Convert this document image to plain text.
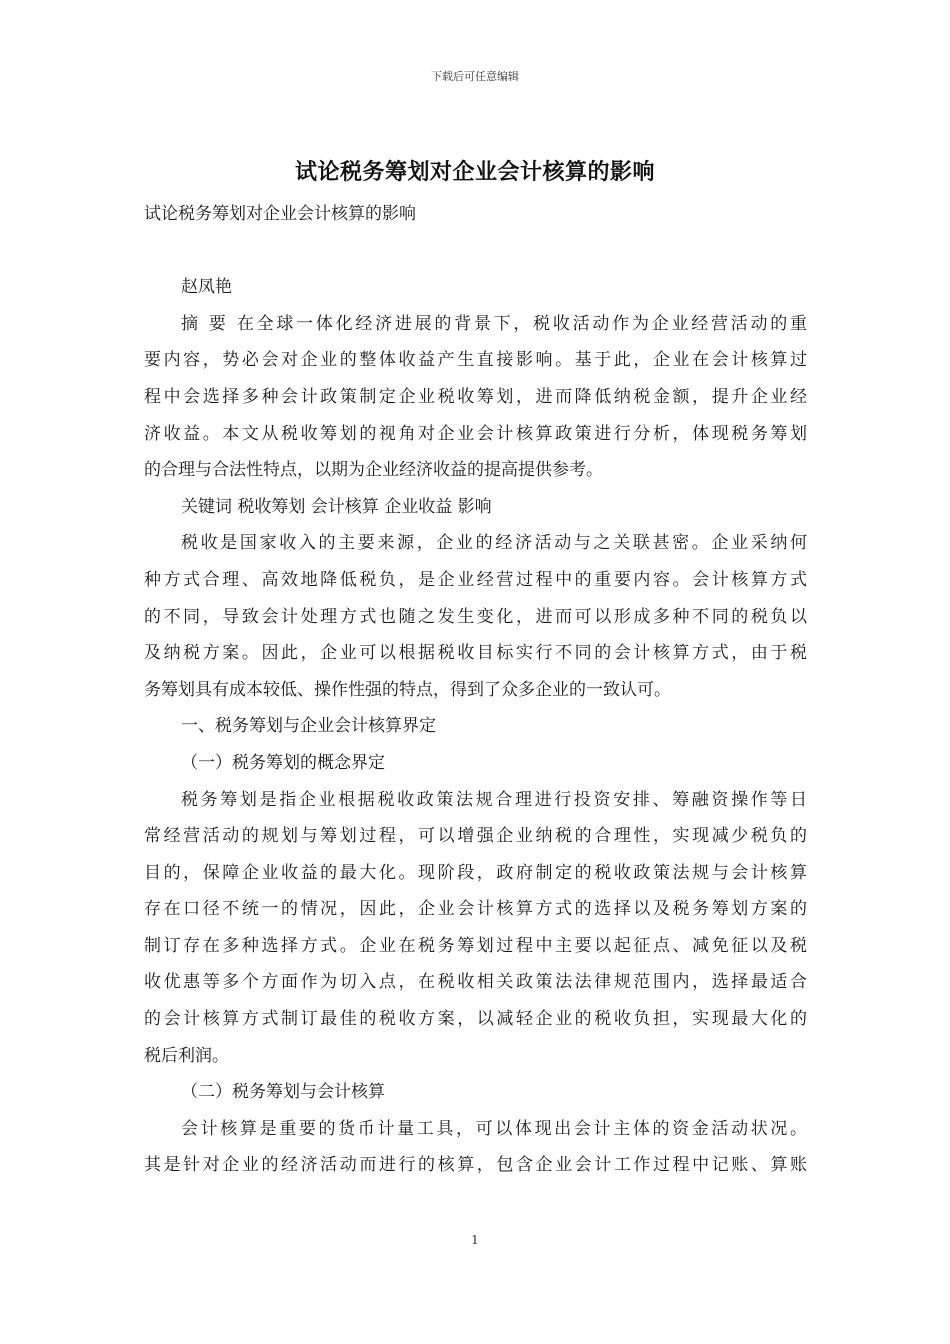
下载后可任意编辑
试论税务筹划对企业会计核算的影响
试论税务筹划对企业会计核算的影响
赵凤艳
摘 要 在全球一体化经济进展的背景下，税收活动作为企业经营活动的重
要内容，势必会对企业的整体收益产生直接影响。基于此，企业在会计核算过
程中会选择多种会计政策制定企业税收筹划，进而降低纳税金额，提升企业经
济收益。本文从税收筹划的视角对企业会计核算政策进行分析，体现税务筹划
的合理与合法性特点，以期为企业经济收益的提高提供参考。
关键词 税收筹划 会计核算 企业收益 影响
税收是国家收入的主要来源，企业的经济活动与之关联甚密。企业采纳何
种方式合理、高效地降低税负，是企业经营过程中的重要内容。会计核算方式
的不同，导致会计处理方式也随之发生变化，进而可以形成多种不同的税负以
及纳税方案。因此，企业可以根据税收目标实行不同的会计核算方式，由于税
务筹划具有成本较低、操作性强的特点，得到了众多企业的一致认可。
一、税务筹划与企业会计核算界定
（一）税务筹划的概念界定
税务筹划是指企业根据税收政策法规合理进行投资安排、筹融资操作等日
常经营活动的规划与筹划过程，可以增强企业纳税的合理性，实现减少税负的
目的，保障企业收益的最大化。现阶段，政府制定的税收政策法规与会计核算
存在口径不统一的情况，因此，企业会计核算方式的选择以及税务筹划方案的
制订存在多种选择方式。企业在税务筹划过程中主要以起征点、减免征以及税
收优惠等多个方面作为切入点，在税收相关政策法法律规范围内，选择最适合
的会计核算方式制订最佳的税收方案，以减轻企业的税收负担，实现最大化的
税后利润。
（二）税务筹划与会计核算
会计核算是重要的货币计量工具，可以体现出会计主体的资金活动状况。
其是针对企业的经济活动而进行的核算，包含企业会计工作过程中记账、算账
1
